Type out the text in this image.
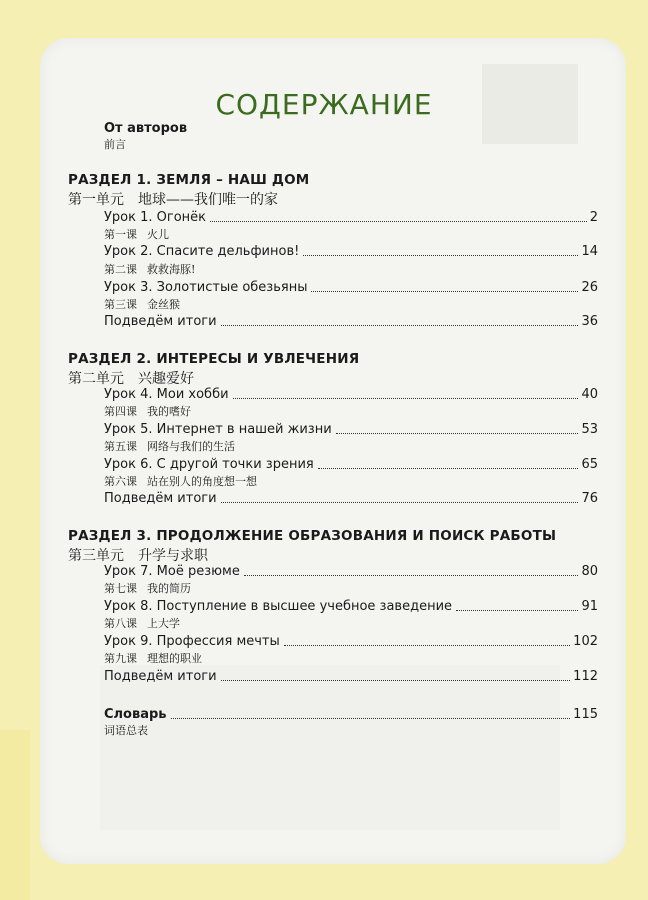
СОДЕРЖАНИЕ
От авторов
前言
РАЗДЕЛ 1. ЗЕМЛЯ – НАШ ДОМ
第一单元　地球——我们唯一的家
Урок 1. Огонёк	2
第一课 火儿
Урок 2. Спасите дельфинов!	14
第二课 救救海豚!
Урок 3. Золотистые обезьяны	26
第三课 金丝猴
Подведём итоги	36
РАЗДЕЛ 2. ИНТЕРЕСЫ И УВЛЕЧЕНИЯ
第二单元　兴趣爱好
Урок 4. Мои хобби	40
第四课 我的嗜好
Урок 5. Интернет в нашей жизни	53
第五课 网络与我们的生活
Урок 6. С другой точки зрения	65
第六课 站在别人的角度想一想
Подведём итоги	76
РАЗДЕЛ 3. ПРОДОЛЖЕНИЕ ОБРАЗОВАНИЯ И ПОИСК РАБОТЫ
第三单元　升学与求职
Урок 7. Моё резюме	80
第七课 我的简历
Урок 8. Поступление в высшее учебное заведение	91
第八课 上大学
Урок 9. Профессия мечты	102
第九课 理想的职业
Подведём итоги	112
Словарь	115
词语总表
